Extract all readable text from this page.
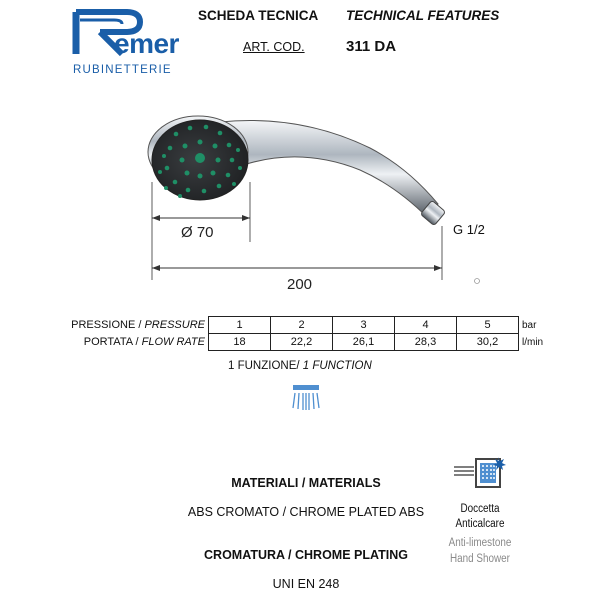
emer
RUBINETTERIE
SCHEDA TECNICA TECHNICAL FEATURES
ART. COD.	311 DA
Ø 70	G 1/2
200
PRESSIONE / PRESSURE	1	2	3	4	5	bar
PORTATA / FLOW RATE	18	22,2	26,1	28,3	30,2	l/min
1 FUNZIONE/ 1 FUNCTION
MATERIALI / MATERIALS
ABS CROMATO / CHROME PLATED ABS
CROMATURA / CHROME PLATING
UNI EN 248
Doccetta
Anticalcare
Anti-limestone
Hand Shower
